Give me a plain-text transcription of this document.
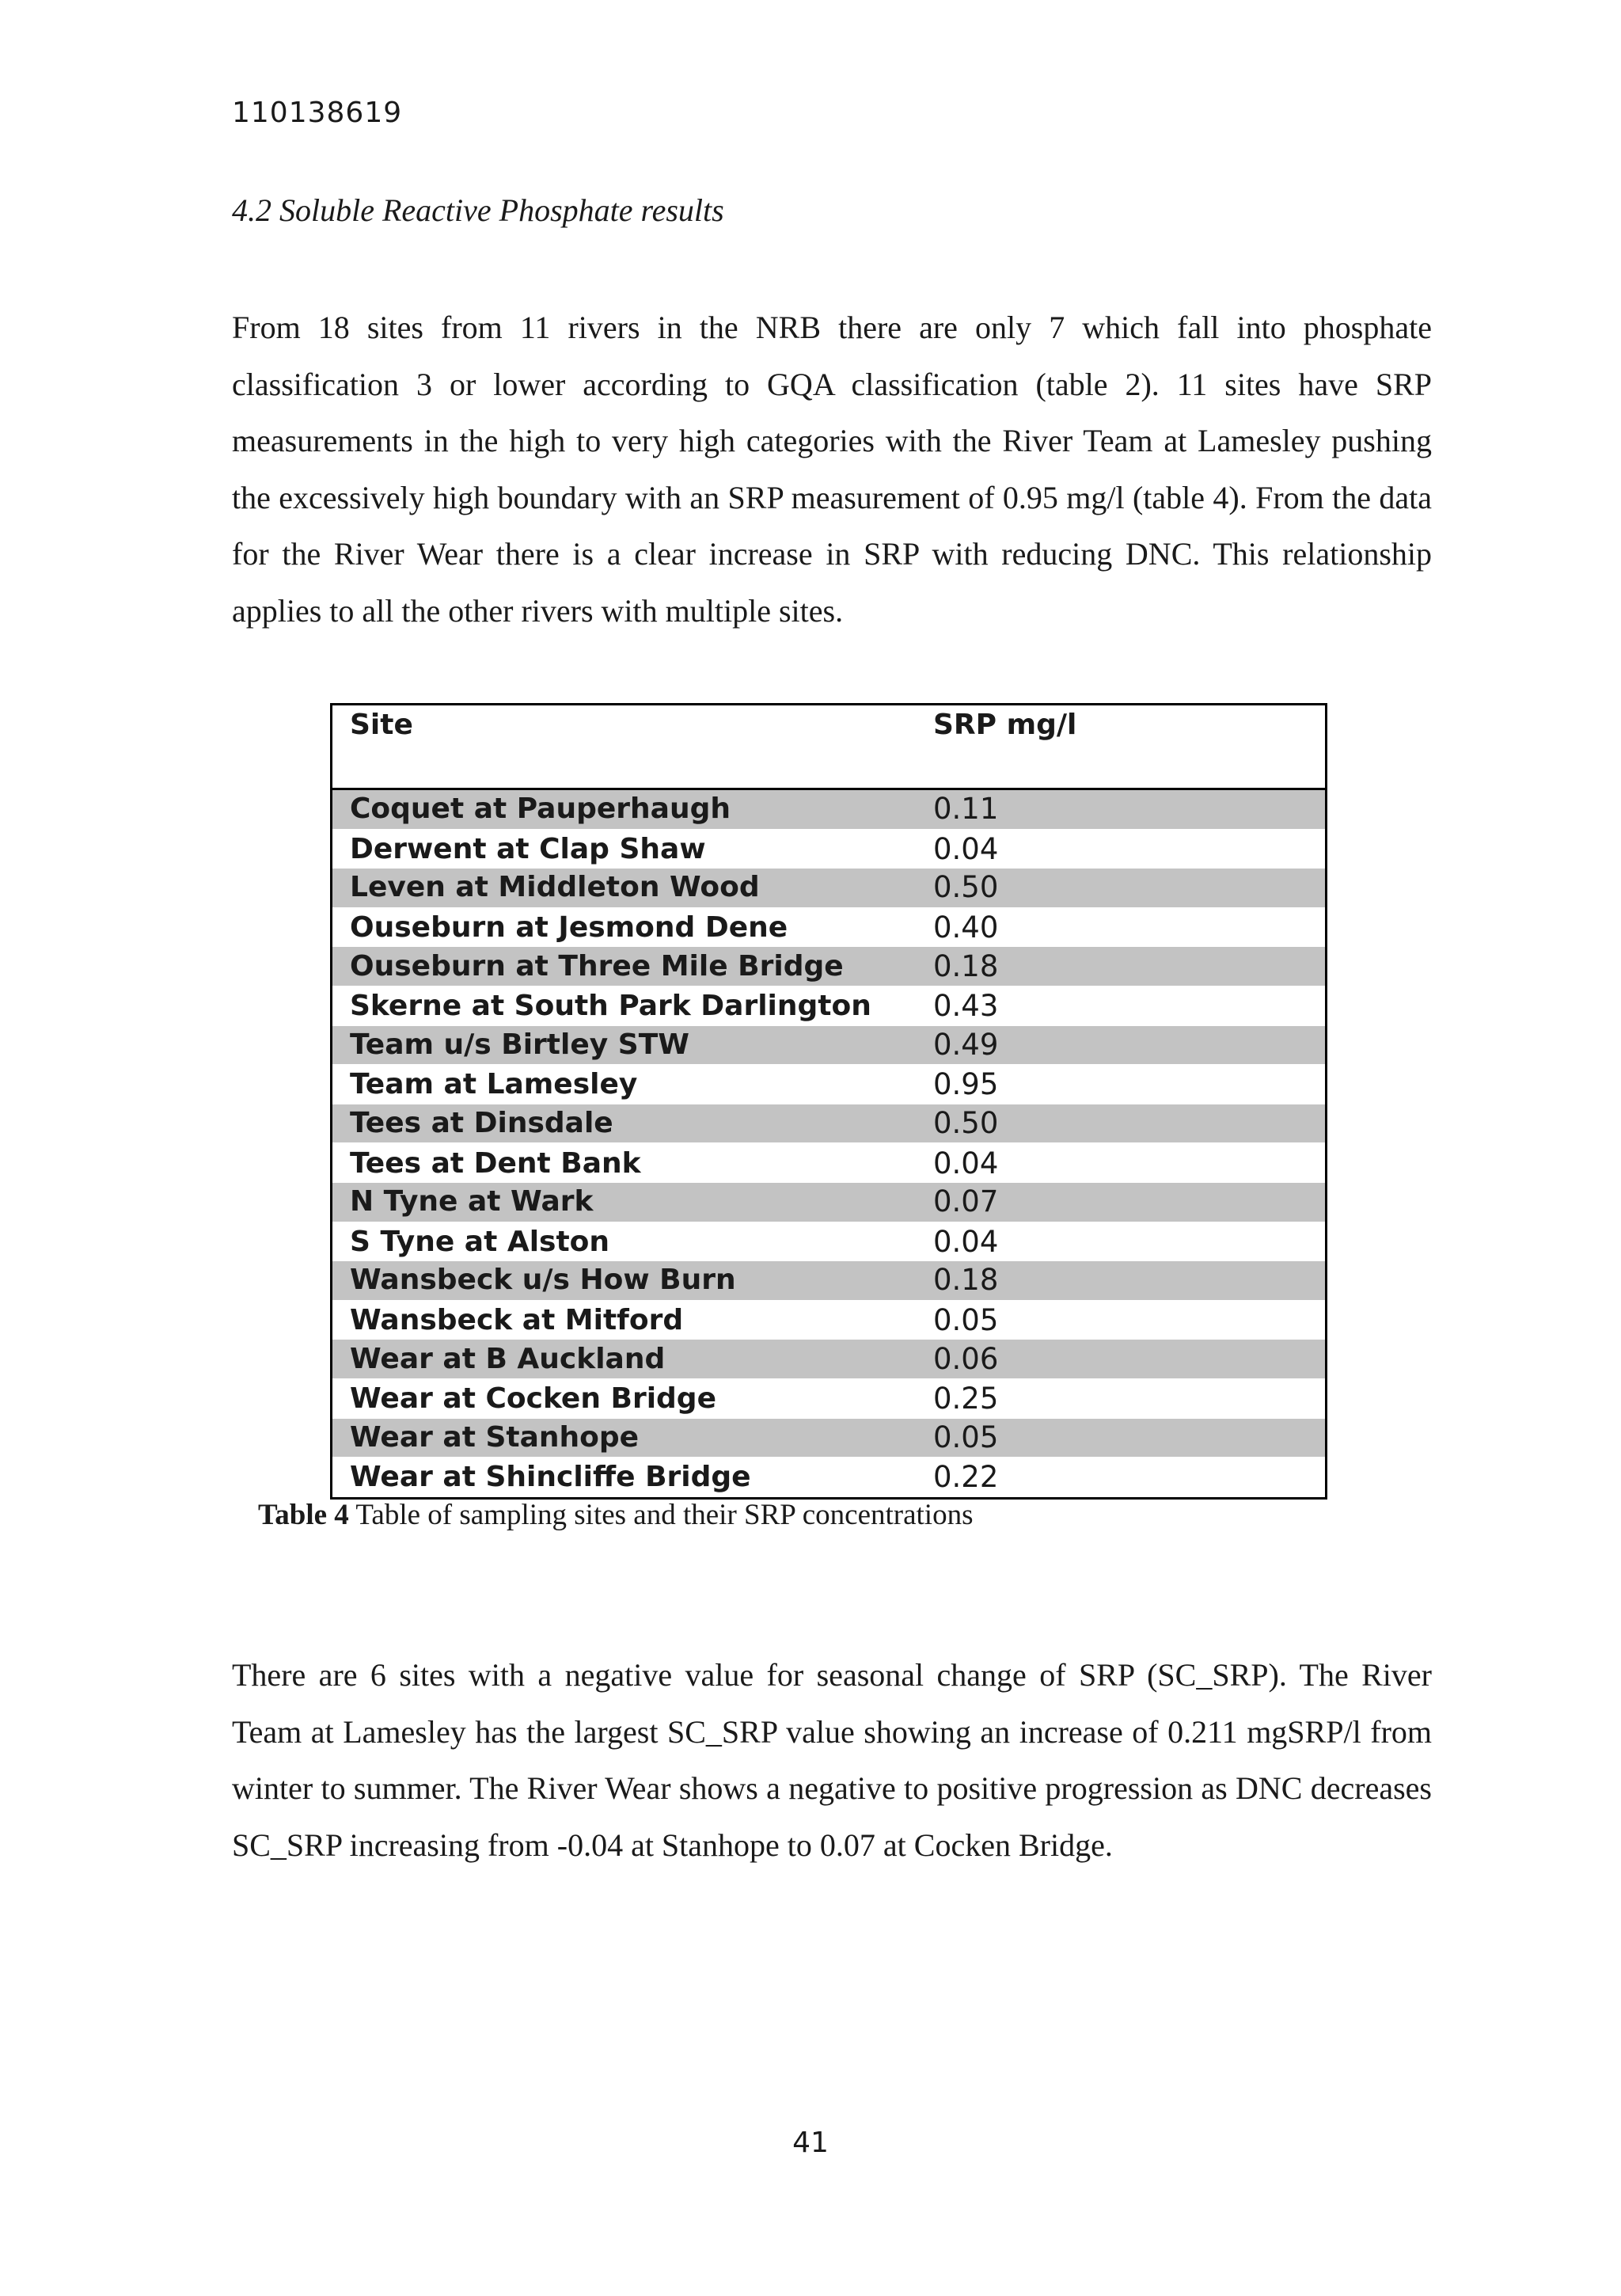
110138619
4.2 Soluble Reactive Phosphate results

From 18 sites from 11 rivers in the NRB there are only 7 which fall into phosphate classification 3 or lower according to GQA classification (table 2). 11 sites have SRP measurements in the high to very high categories with the River Team at Lamesley pushing the excessively high boundary with an SRP measurement of 0.95 mg/l (table 4). From the data for the River Wear there is a clear increase in SRP with reducing DNC. This relationship applies to all the other rivers with multiple sites.

Site	SRP mg/l
Coquet at Pauperhaugh	0.11
Derwent at Clap Shaw	0.04
Leven at Middleton Wood	0.50
Ouseburn at Jesmond Dene	0.40
Ouseburn at Three Mile Bridge	0.18
Skerne at South Park Darlington	0.43
Team u/s Birtley STW	0.49
Team at Lamesley	0.95
Tees at Dinsdale	0.50
Tees at Dent Bank	0.04
N Tyne at Wark	0.07
S Tyne at Alston	0.04
Wansbeck u/s How Burn	0.18
Wansbeck at Mitford	0.05
Wear at B Auckland	0.06
Wear at Cocken Bridge	0.25
Wear at Stanhope	0.05
Wear at Shincliffe Bridge	0.22
Table 4 Table of sampling sites and their SRP concentrations

There are 6 sites with a negative value for seasonal change of SRP (SC_SRP). The River Team at Lamesley has the largest SC_SRP value showing an increase of 0.211 mgSRP/l from winter to summer. The River Wear shows a negative to positive progression as DNC decreases SC_SRP increasing from -0.04 at Stanhope to 0.07 at Cocken Bridge.

41
